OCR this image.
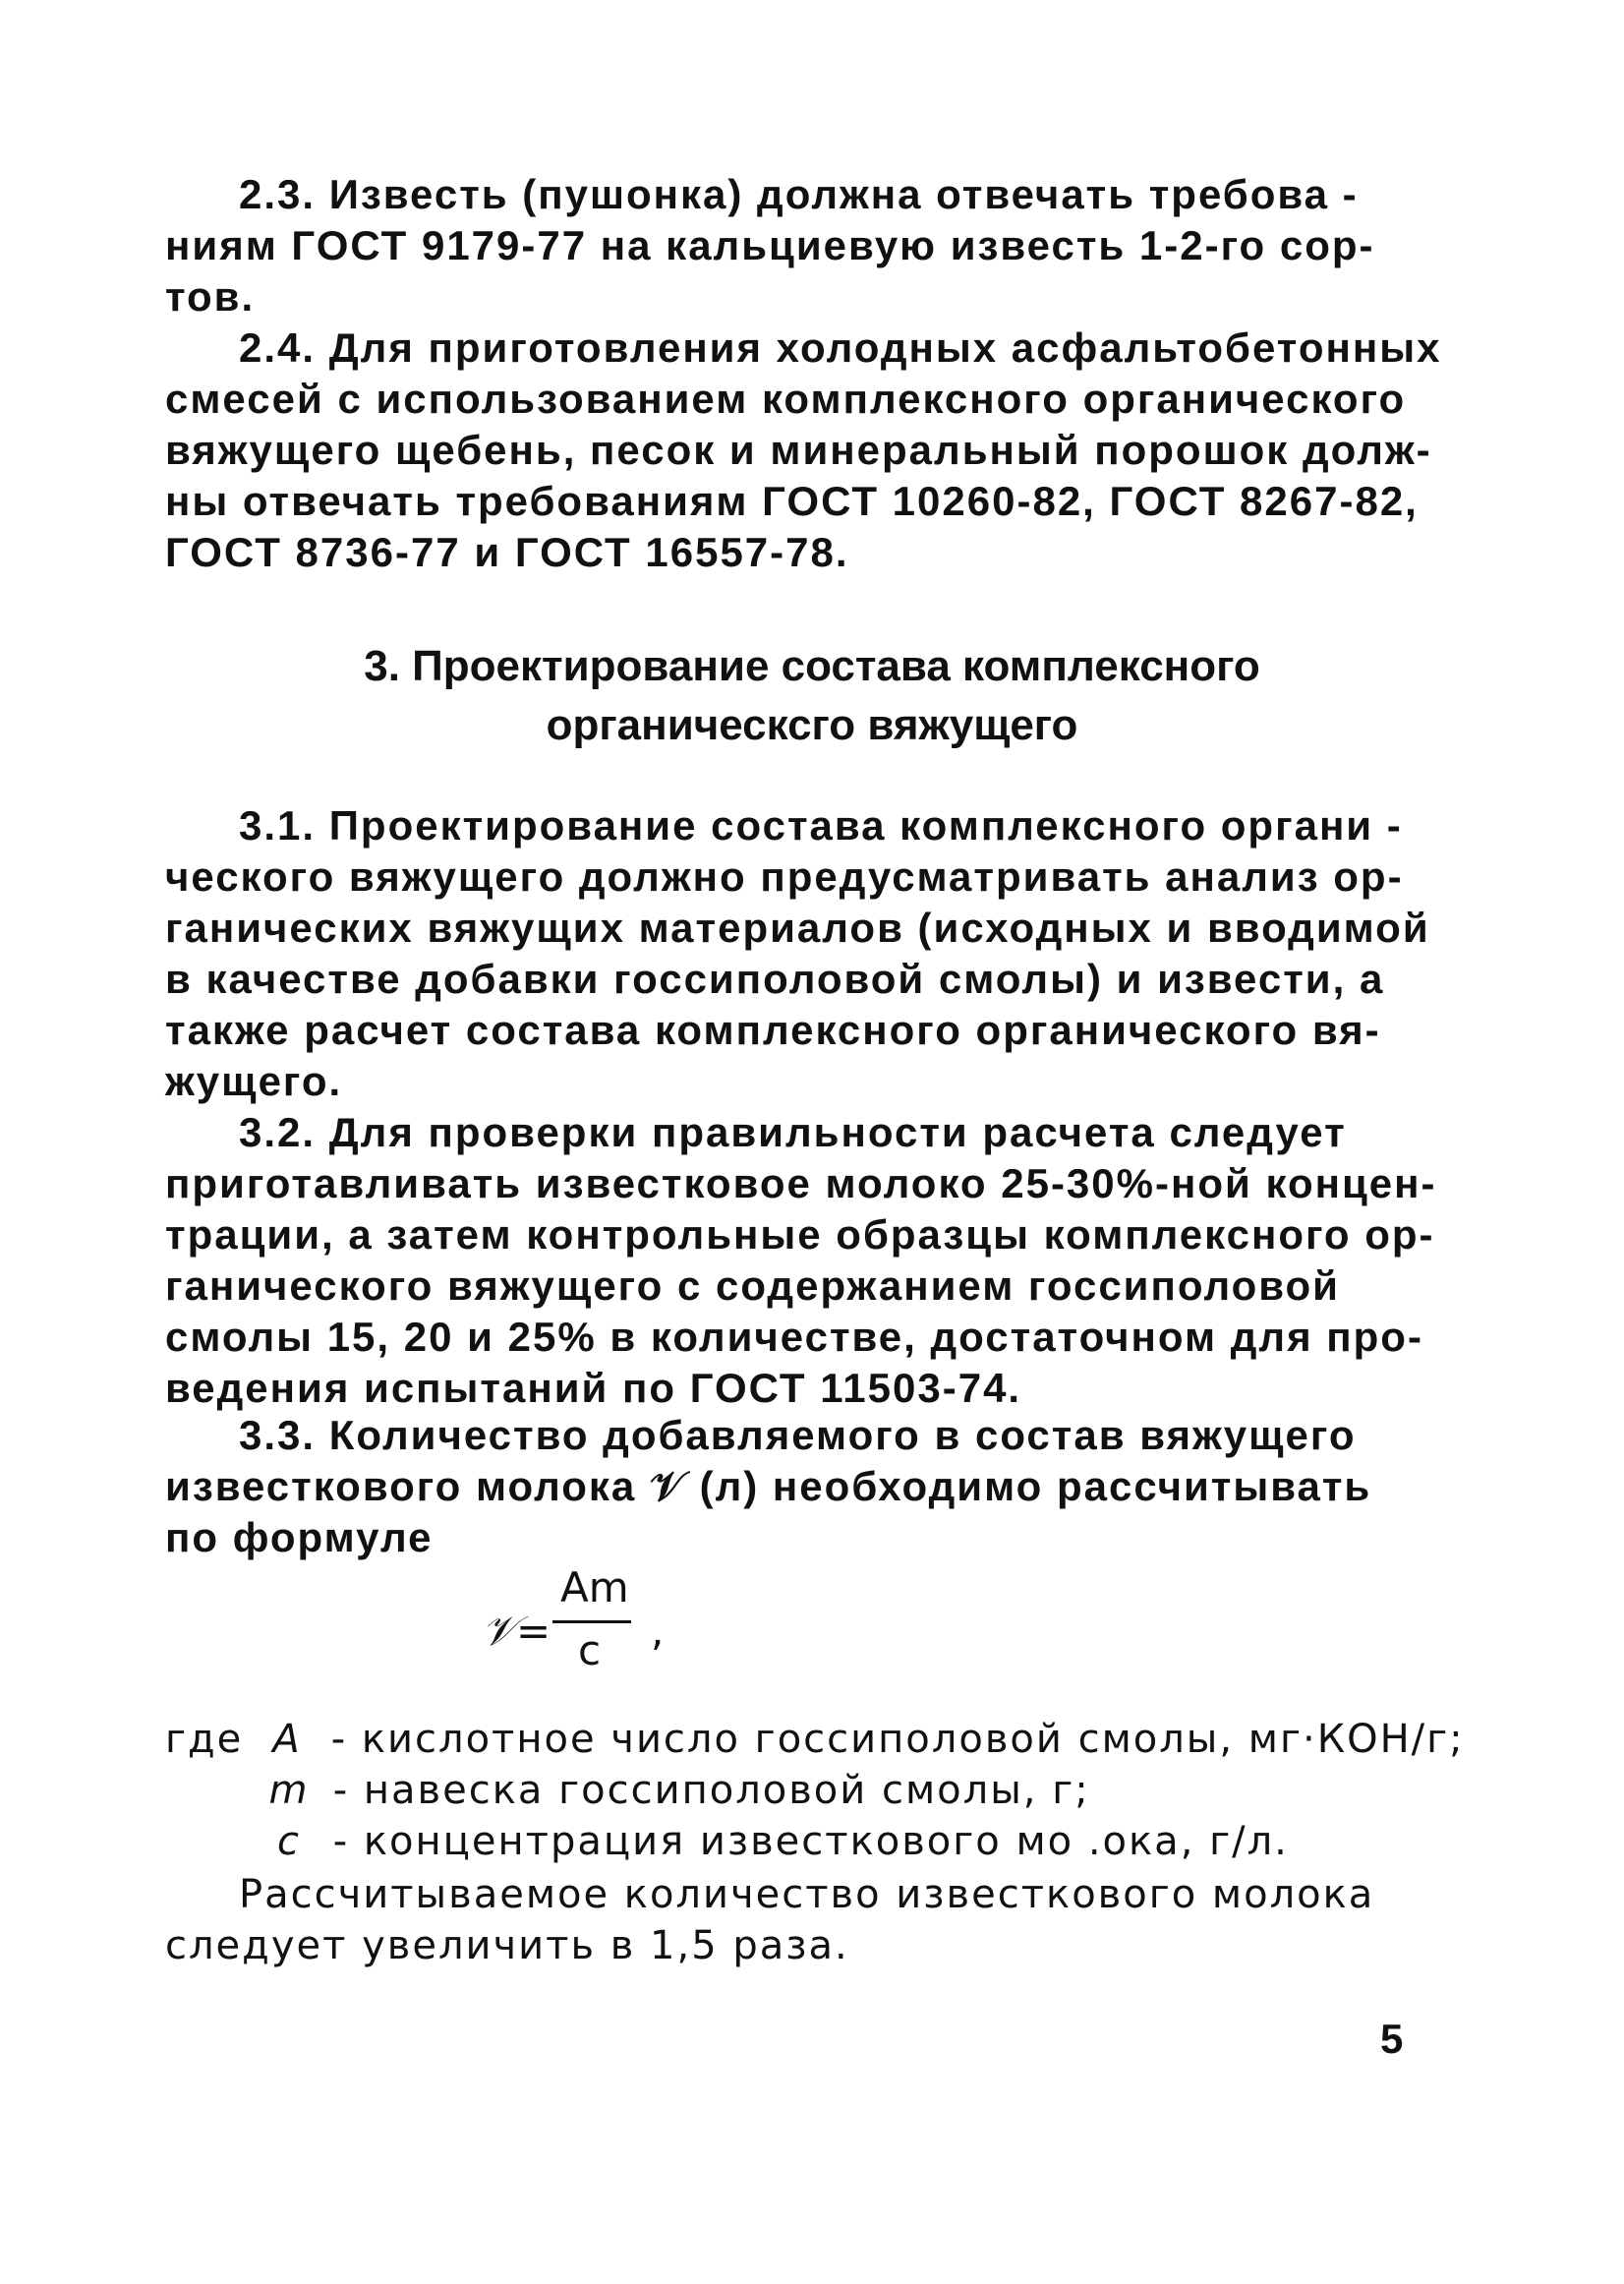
2.3. Известь (пушонка) должна отвечать требова -
ниям ГОСТ 9179-77 на кальциевую известь 1-2-го сор-
тов.
2.4. Для приготовления холодных асфальтобетонных
смесей с использованием комплексного органического
вяжущего щебень, песок и минеральный порошок долж-
ны отвечать требованиям ГОСТ 10260-82, ГОСТ 8267-82,
ГОСТ 8736-77 и ГОСТ 16557-78.
3. Проектирование состава комплексного
органическсго вяжущего
3.1. Проектирование состава комплексного органи -
ческого вяжущего должно предусматривать анализ ор-
ганических вяжущих материалов (исходных и вводимой
в качестве добавки госсиполовой смолы) и извести, а
также расчет состава комплексного органического вя-
жущего.
3.2. Для проверки правильности расчета следует
приготавливать известковое молоко 25-30%-ной концен-
трации, а затем контрольные образцы комплексного ор-
ганического вяжущего с содержанием госсиполовой
смолы 15, 20 и 25% в количестве, достаточном для про-
ведения испытаний по ГОСТ 11503-74.
3.3. Количество добавляемого в состав вяжущего
известкового молока 𝒱 (л) необходимо рассчитывать
по формуле
𝒱=
Am
c ,
где A - кислотное число госсиполовой смолы, мг·КОН/г;
m - навеска госсиполовой смолы, г;
c - концентрация известкового мо .ока, г/л.
Рассчитываемое количество известкового молока
следует увеличить в 1,5 раза.
5
